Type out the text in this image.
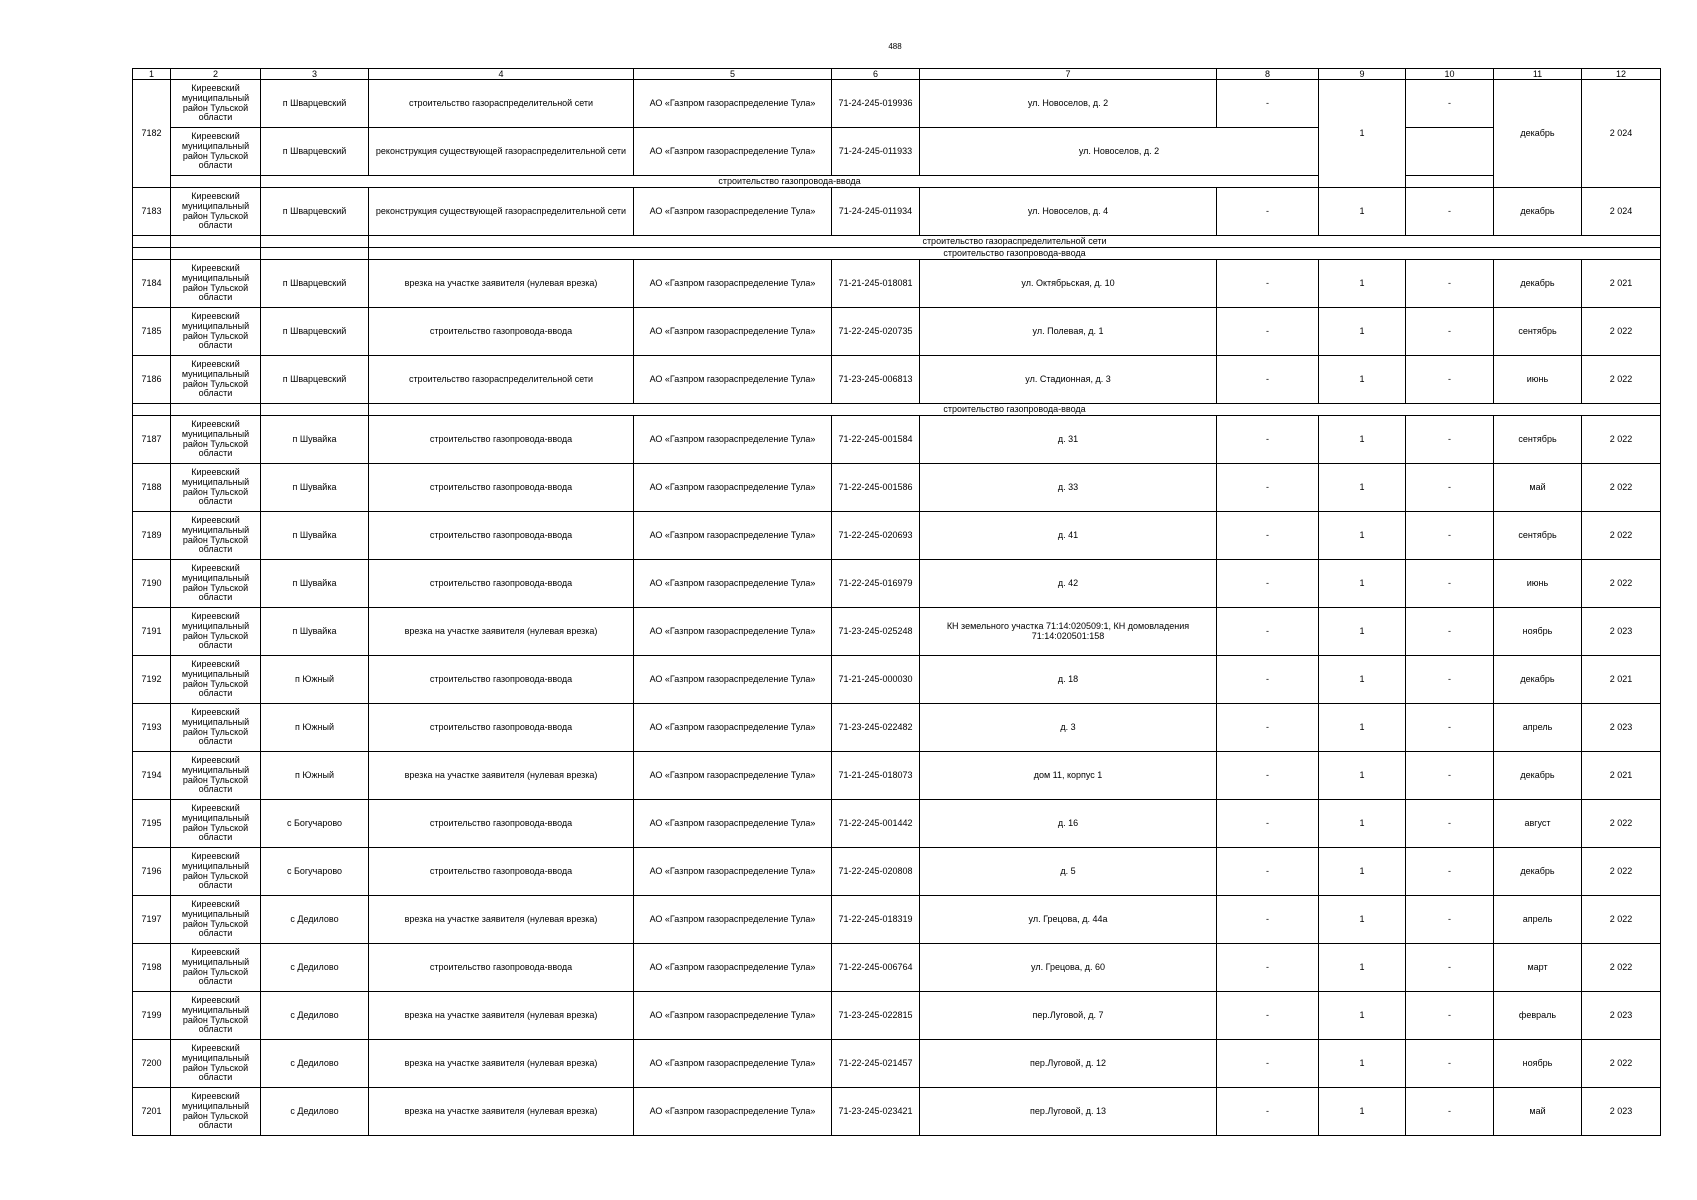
488
1	2	3	4	5	6	7	8	9	10	11	12
7182	Киреевский муниципальный район Тульской области	п Шварцевский	строительство газораспределительной сети	АО «Газпром газораспределение Тула»	71-24-245-019936	ул. Новоселов, д. 2	-	1	-	декабрь	2 024
	Киреевский муниципальный район Тульской области	п Шварцевский	реконструкция существующей газораспределительной сети	АО «Газпром газораспределение Тула»	71-24-245-011933	ул. Новоселов, д. 2					
		строительство газопровода-ввода									
7183	Киреевский муниципальный район Тульской области	п Шварцевский	реконструкция существующей газораспределительной сети	АО «Газпром газораспределение Тула»	71-24-245-011934	ул. Новоселов, д. 4	-	1	-	декабрь	2 024
			строительство газораспределительной сети								
			строительство газопровода-ввода								
7184	Киреевский муниципальный район Тульской области	п Шварцевский	врезка на участке заявителя (нулевая врезка)	АО «Газпром газораспределение Тула»	71-21-245-018081	ул. Октябрьская, д. 10	-	1	-	декабрь	2 021
7185	Киреевский муниципальный район Тульской области	п Шварцевский	строительство газопровода-ввода	АО «Газпром газораспределение Тула»	71-22-245-020735	ул. Полевая, д. 1	-	1	-	сентябрь	2 022
7186	Киреевский муниципальный район Тульской области	п Шварцевский	строительство газораспределительной сети	АО «Газпром газораспределение Тула»	71-23-245-006813	ул. Стадионная, д. 3	-	1	-	июнь	2 022
			строительство газопровода-ввода								
7187	Киреевский муниципальный район Тульской области	п Шувайка	строительство газопровода-ввода	АО «Газпром газораспределение Тула»	71-22-245-001584	д. 31	-	1	-	сентябрь	2 022
7188	Киреевский муниципальный район Тульской области	п Шувайка	строительство газопровода-ввода	АО «Газпром газораспределение Тула»	71-22-245-001586	д. 33	-	1	-	май	2 022
7189	Киреевский муниципальный район Тульской области	п Шувайка	строительство газопровода-ввода	АО «Газпром газораспределение Тула»	71-22-245-020693	д. 41	-	1	-	сентябрь	2 022
7190	Киреевский муниципальный район Тульской области	п Шувайка	строительство газопровода-ввода	АО «Газпром газораспределение Тула»	71-22-245-016979	д. 42	-	1	-	июнь	2 022
7191	Киреевский муниципальный район Тульской области	п Шувайка	врезка на участке заявителя (нулевая врезка)	АО «Газпром газораспределение Тула»	71-23-245-025248	КН земельного участка 71:14:020509:1, КН домовладения 71:14:020501:158	-	1	-	ноябрь	2 023
7192	Киреевский муниципальный район Тульской области	п Южный	строительство газопровода-ввода	АО «Газпром газораспределение Тула»	71-21-245-000030	д. 18	-	1	-	декабрь	2 021
7193	Киреевский муниципальный район Тульской области	п Южный	строительство газопровода-ввода	АО «Газпром газораспределение Тула»	71-23-245-022482	д. 3	-	1	-	апрель	2 023
7194	Киреевский муниципальный район Тульской области	п Южный	врезка на участке заявителя (нулевая врезка)	АО «Газпром газораспределение Тула»	71-21-245-018073	дом 11, корпус 1	-	1	-	декабрь	2 021
7195	Киреевский муниципальный район Тульской области	с Богучарово	строительство газопровода-ввода	АО «Газпром газораспределение Тула»	71-22-245-001442	д. 16	-	1	-	август	2 022
7196	Киреевский муниципальный район Тульской области	с Богучарово	строительство газопровода-ввода	АО «Газпром газораспределение Тула»	71-22-245-020808	д. 5	-	1	-	декабрь	2 022
7197	Киреевский муниципальный район Тульской области	с Дедилово	врезка на участке заявителя (нулевая врезка)	АО «Газпром газораспределение Тула»	71-22-245-018319	ул. Грецова, д. 44а	-	1	-	апрель	2 022
7198	Киреевский муниципальный район Тульской области	с Дедилово	строительство газопровода-ввода	АО «Газпром газораспределение Тула»	71-22-245-006764	ул. Грецова, д. 60	-	1	-	март	2 022
7199	Киреевский муниципальный район Тульской области	с Дедилово	врезка на участке заявителя (нулевая врезка)	АО «Газпром газораспределение Тула»	71-23-245-022815	пер.Луговой, д. 7	-	1	-	февраль	2 023
7200	Киреевский муниципальный район Тульской области	с Дедилово	врезка на участке заявителя (нулевая врезка)	АО «Газпром газораспределение Тула»	71-22-245-021457	пер.Луговой, д. 12	-	1	-	ноябрь	2 022
7201	Киреевский муниципальный район Тульской области	с Дедилово	врезка на участке заявителя (нулевая врезка)	АО «Газпром газораспределение Тула»	71-23-245-023421	пер.Луговой, д. 13	-	1	-	май	2 023
